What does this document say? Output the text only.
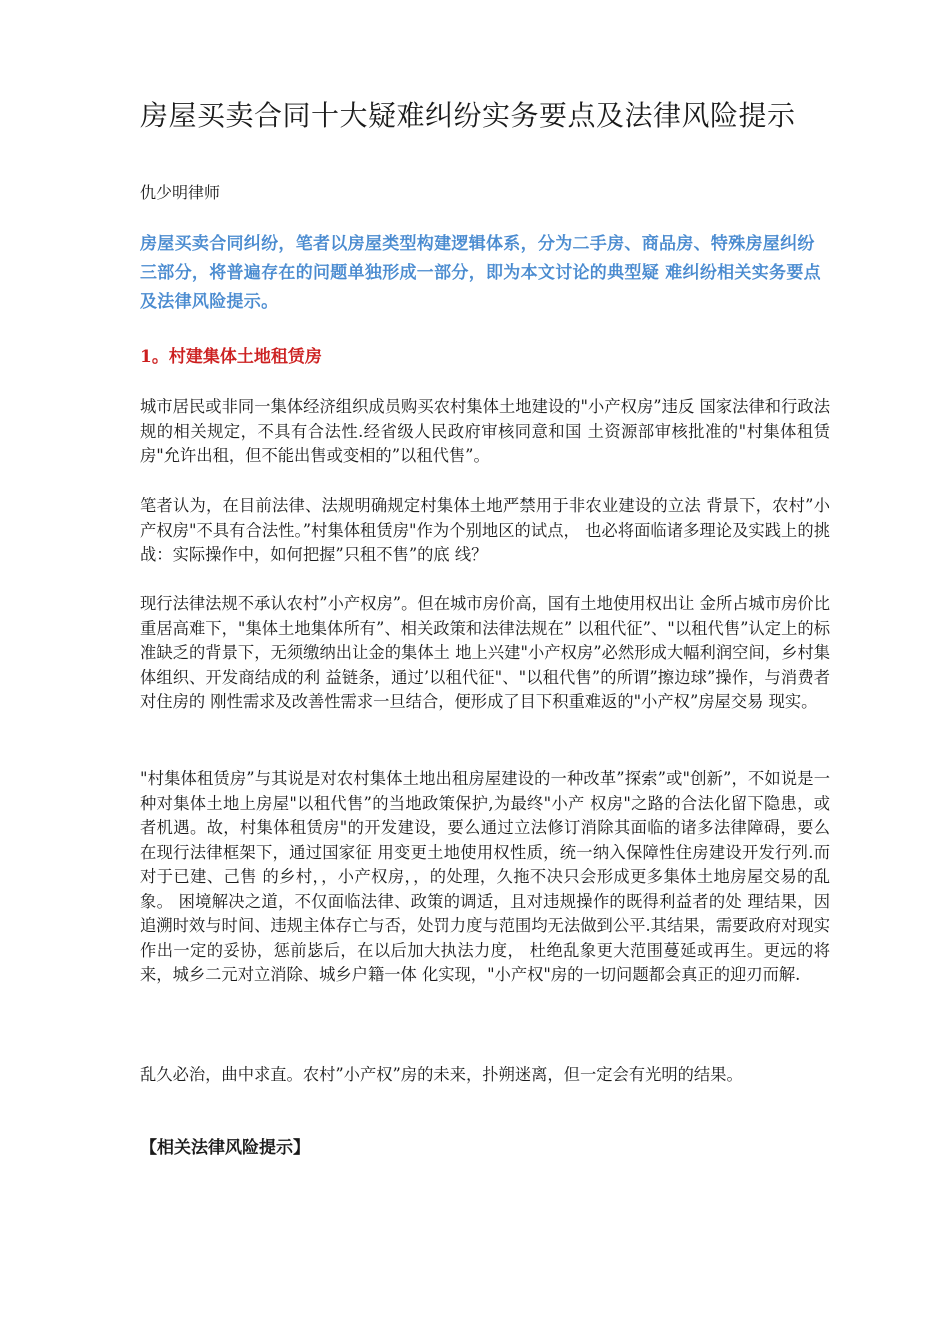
房屋买卖合同十大疑难纠纷实务要点及法律风险提示
仇少明律师
房屋买卖合同纠纷，笔者以房屋类型构建逻辑体系，分为二手房、商品房、特殊房屋纠纷三部分，将普遍存在的问题单独形成一部分，即为本文讨论的典型疑 难纠纷相关实务要点及法律风险提示。
1。村建集体土地租赁房

城市居民或非同一集体经济组织成员购买农村集体土地建设的"小产权房”违反 国家法律和行政法规的相关规定，不具有合法性.经省级人民政府审核同意和国 土资源部审核批准的"村集体租赁房"允许出租，但不能出售或变相的”以租代售”。

笔者认为，在目前法律、法规明确规定村集体土地严禁用于非农业建设的立法 背景下，农村”小产权房"不具有合法性。”村集体租赁房"作为个别地区的试点， 也必将面临诸多理论及实践上的挑战：实际操作中，如何把握”只租不售”的底 线？

现行法律法规不承认农村”小产权房”。但在城市房价高，国有土地使用权出让 金所占城市房价比重居高难下，"集体土地集体所有”、相关政策和法律法规在” 以租代征”、"以租代售”认定上的标准缺乏的背景下，无须缴纳出让金的集体土 地上兴建"小产权房”必然形成大幅利润空间，乡村集体组织、开发商结成的利 益链条，通过’以租代征"、"以租代售”的所谓”擦边球”操作，与消费者对住房的 刚性需求及改善性需求一旦结合，便形成了目下积重难返的"小产权”房屋交易 现实。

"村集体租赁房”与其说是对农村集体土地出租房屋建设的一种改革”探索”或"创新”，不如说是一种对集体土地上房屋"以租代售”的当地政策保护,为最终"小产 权房"之路的合法化留下隐患，或者机遇。故，村集体租赁房"的开发建设，要么通过立法修订消除其面临的诸多法律障碍，要么在现行法律框架下，通过国家征 用变更土地使用权性质，统一纳入保障性住房建设开发行列.而对于已建、己售 的乡村，，小产权房，，的处理，久拖不决只会形成更多集体土地房屋交易的乱象。 困境解决之道，不仅面临法律、政策的调适，且对违规操作的既得利益者的处 理结果，因追溯时效与时间、违规主体存亡与否，处罚力度与范围均无法做到公平.其结果，需要政府对现实作出一定的妥协，惩前毖后，在以后加大执法力度， 杜绝乱象更大范围蔓延或再生。更远的将来，城乡二元对立消除、城乡户籍一体 化实现，"小产权"房的一切问题都会真正的迎刃而解.

乱久必治，曲中求直。农村”小产权”房的未来，扑朔迷离，但一定会有光明的结果。

【相关法律风险提示】
